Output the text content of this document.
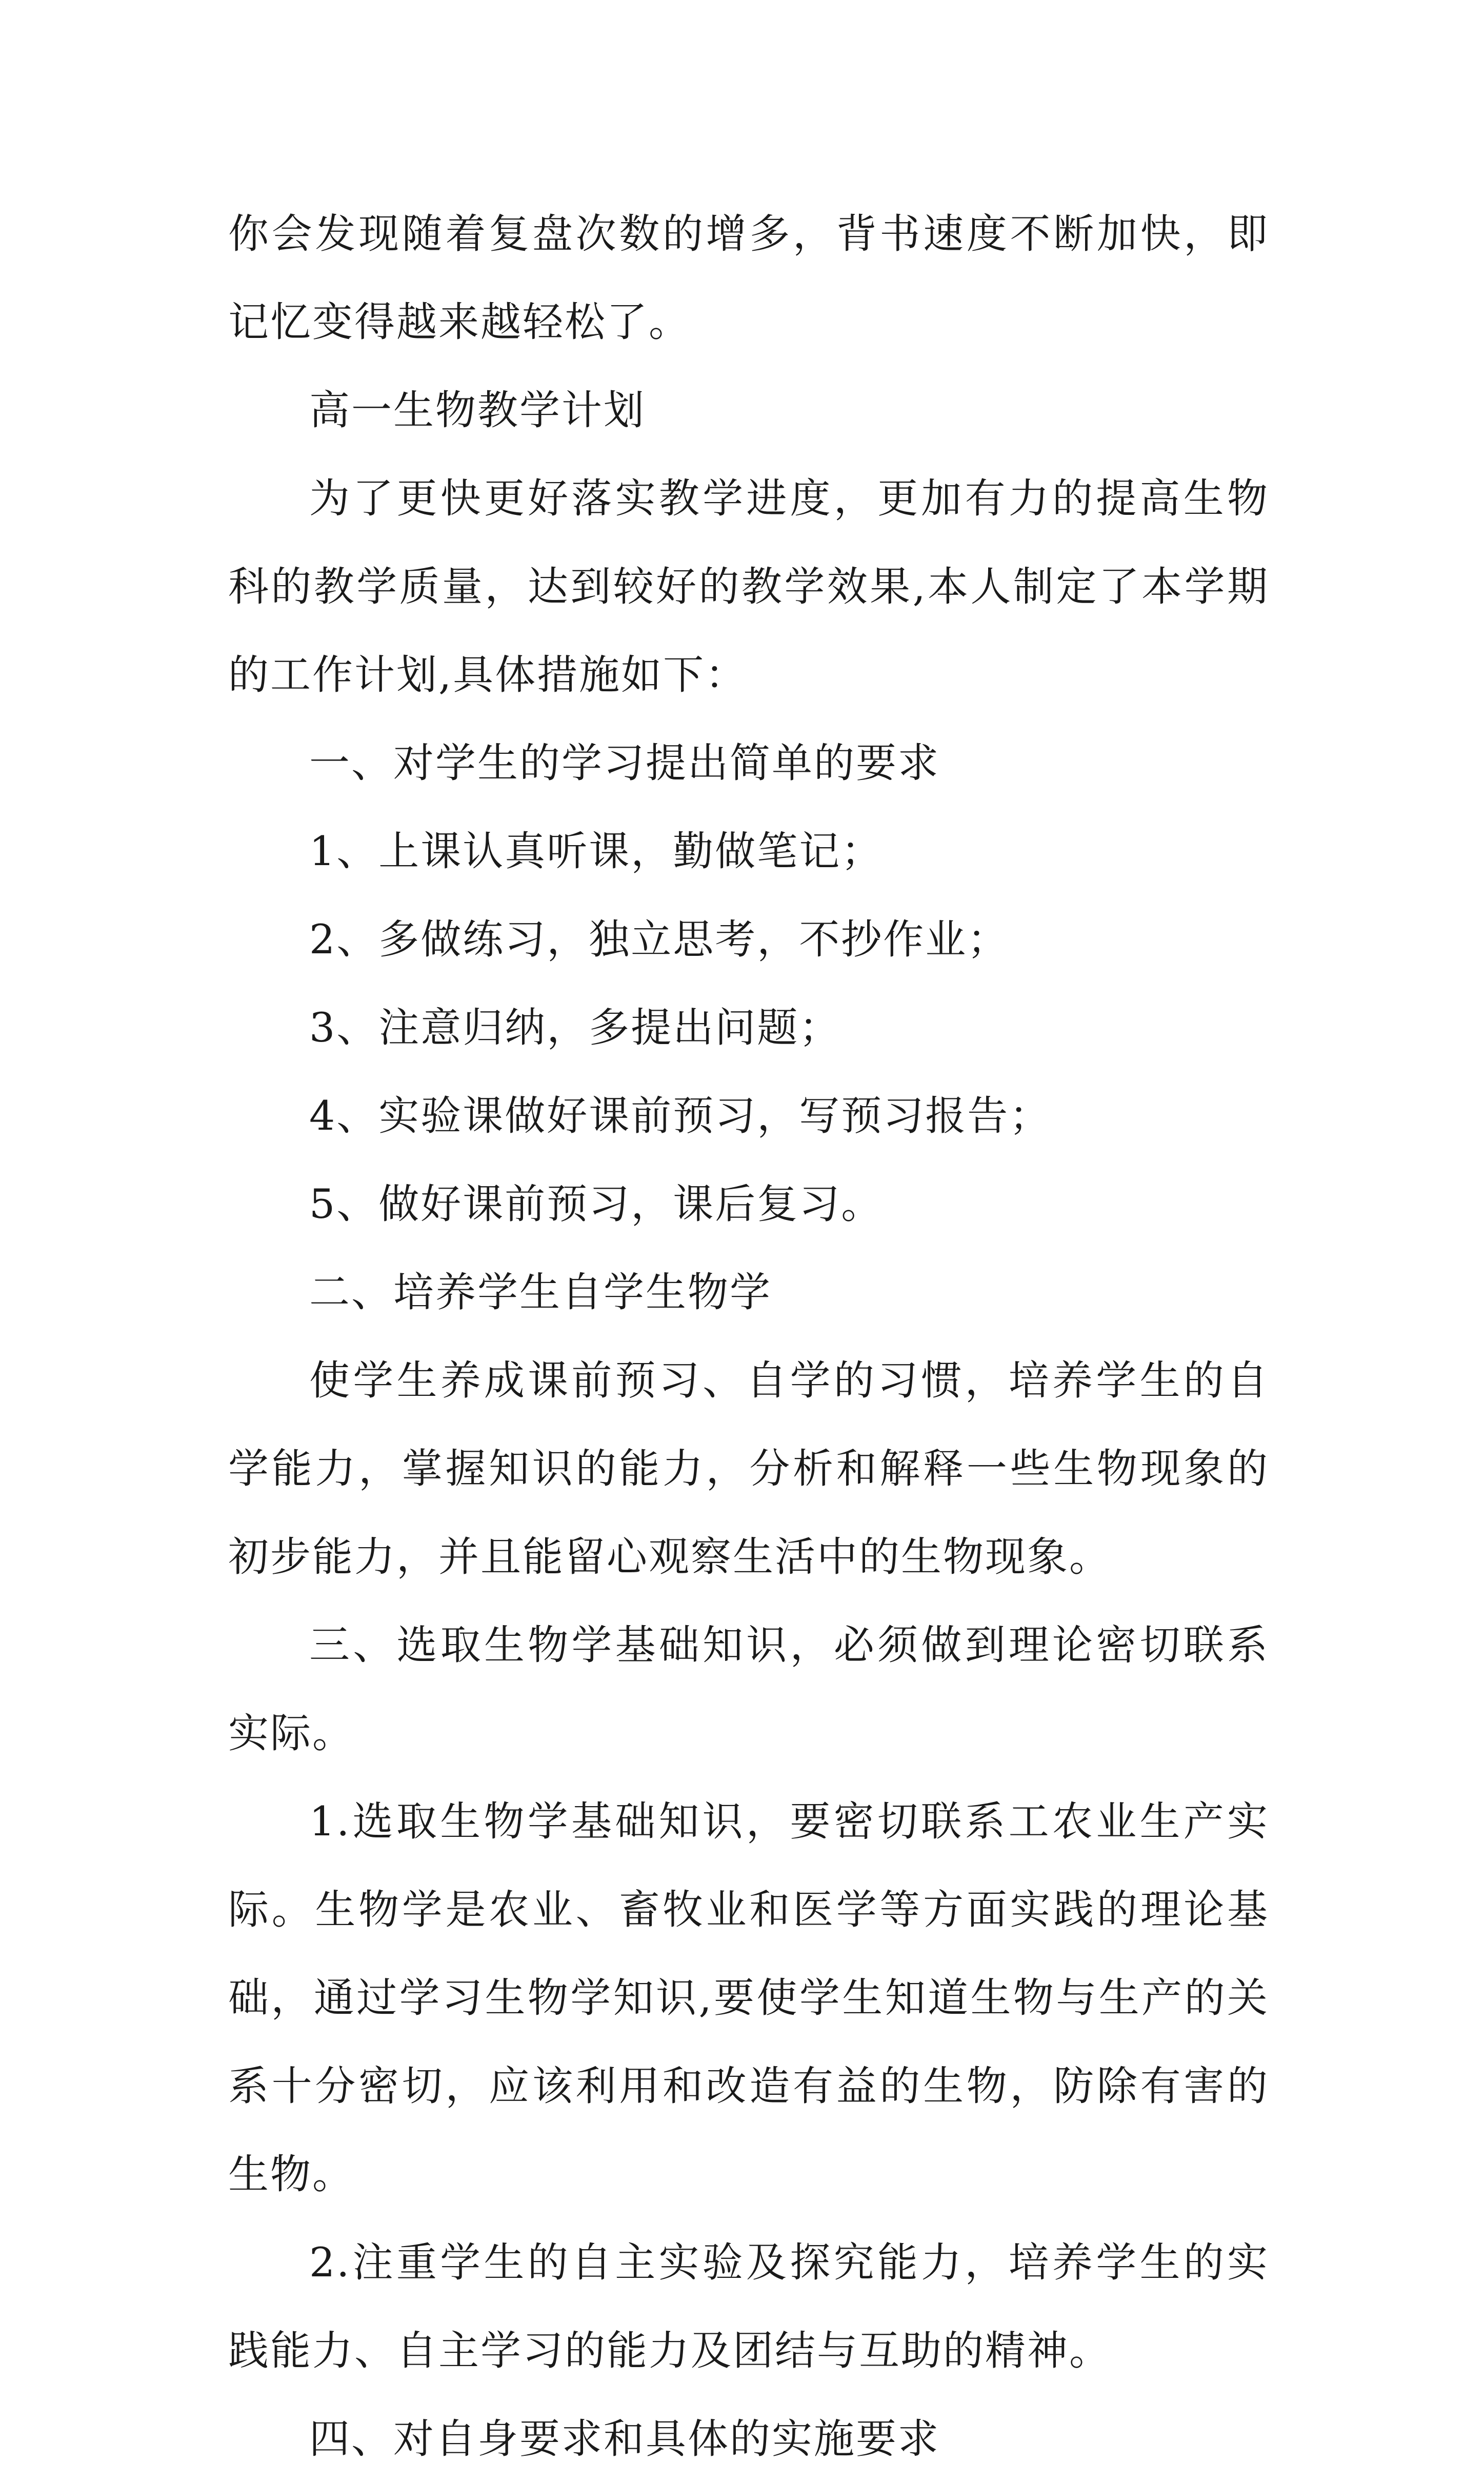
你会发现随着复盘次数的增多，背书速度不断加快，即记忆变得越来越轻松了。

高一生物教学计划

为了更快更好落实教学进度，更加有力的提高生物科的教学质量，达到较好的教学效果,本人制定了本学期的工作计划,具体措施如下：

一、对学生的学习提出简单的要求

1、上课认真听课，勤做笔记；

2、多做练习，独立思考，不抄作业；

3、注意归纳，多提出问题；

4、实验课做好课前预习，写预习报告；

5、做好课前预习，课后复习。

二、培养学生自学生物学

使学生养成课前预习、自学的习惯，培养学生的自学能力，掌握知识的能力，分析和解释一些生物现象的初步能力，并且能留心观察生活中的生物现象。

三、选取生物学基础知识，必须做到理论密切联系实际。

1.选取生物学基础知识，要密切联系工农业生产实际。生物学是农业、畜牧业和医学等方面实践的理论基础，通过学习生物学知识,要使学生知道生物与生产的关系十分密切，应该利用和改造有益的生物，防除有害的生物。

2.注重学生的自主实验及探究能力，培养学生的实践能力、自主学习的能力及团结与互助的精神。

四、对自身要求和具体的实施要求
